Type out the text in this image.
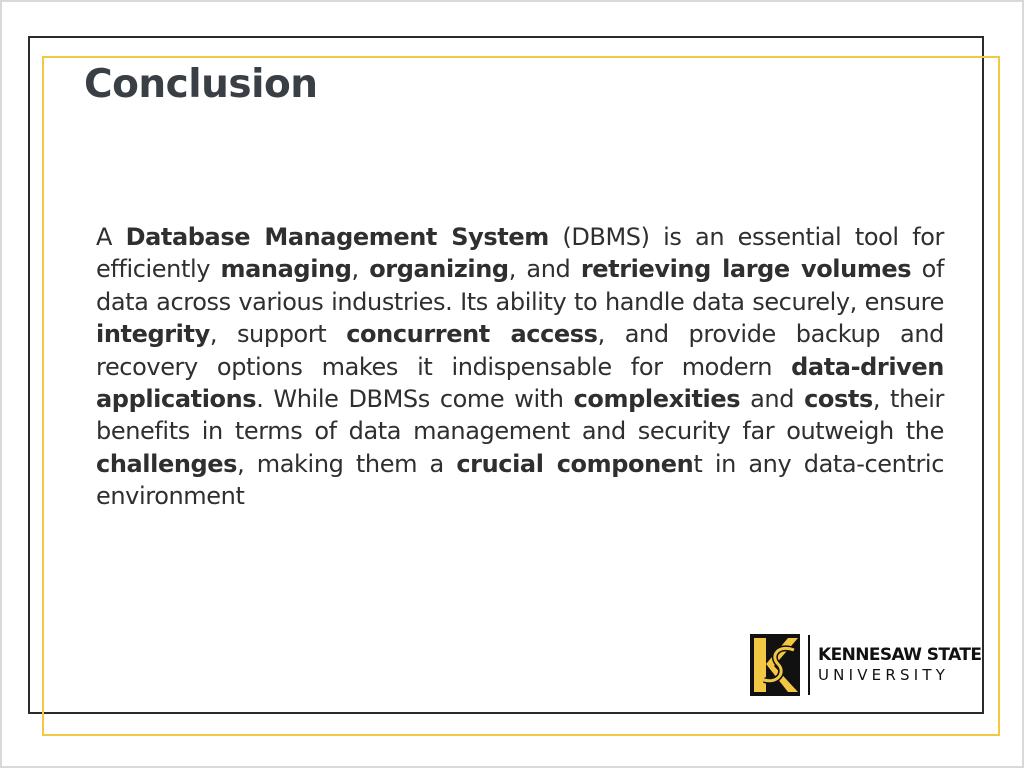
Conclusion

A Database Management System (DBMS) is an essential tool for efficiently managing, organizing, and retrieving large volumes of data across various industries. Its ability to handle data securely, ensure integrity, support concurrent access, and provide backup and recovery options makes it indispensable for modern data-driven applications. While DBMSs come with complexities and costs, their benefits in terms of data management and security far outweigh the challenges, making them a crucial component in any data-centric environment

KENNESAW STATE
UNIVERSITY
